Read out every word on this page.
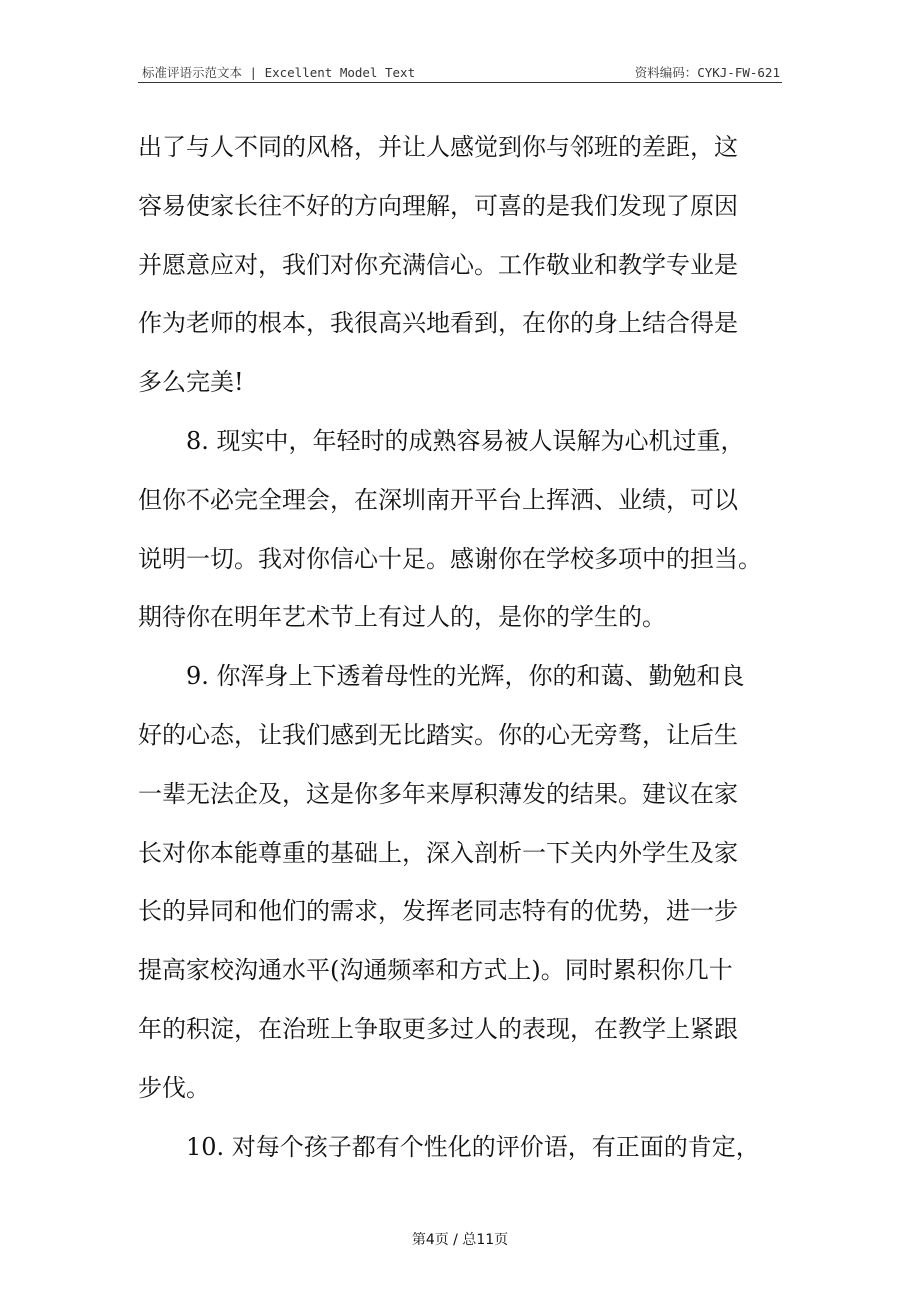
标准评语示范文本 | Excellent Model Text	资料编码：CYKJ-FW-621
出了与人不同的风格，并让人感觉到你与邻班的差距，这
容易使家长往不好的方向理解，可喜的是我们发现了原因
并愿意应对，我们对你充满信心。工作敬业和教学专业是
作为老师的根本，我很高兴地看到，在你的身上结合得是
多么完美!
8. 现实中，年轻时的成熟容易被人误解为心机过重，
但你不必完全理会，在深圳南开平台上挥洒、业绩，可以
说明一切。我对你信心十足。感谢你在学校多项中的担当。
期待你在明年艺术节上有过人的，是你的学生的。
9. 你浑身上下透着母性的光辉，你的和蔼、勤勉和良
好的心态，让我们感到无比踏实。你的心无旁骛，让后生
一辈无法企及，这是你多年来厚积薄发的结果。建议在家
长对你本能尊重的基础上，深入剖析一下关内外学生及家
长的异同和他们的需求，发挥老同志特有的优势，进一步
提高家校沟通水平(沟通频率和方式上)。同时累积你几十
年的积淀，在治班上争取更多过人的表现，在教学上紧跟
步伐。
10. 对每个孩子都有个性化的评价语，有正面的肯定，
第4页 / 总11页
